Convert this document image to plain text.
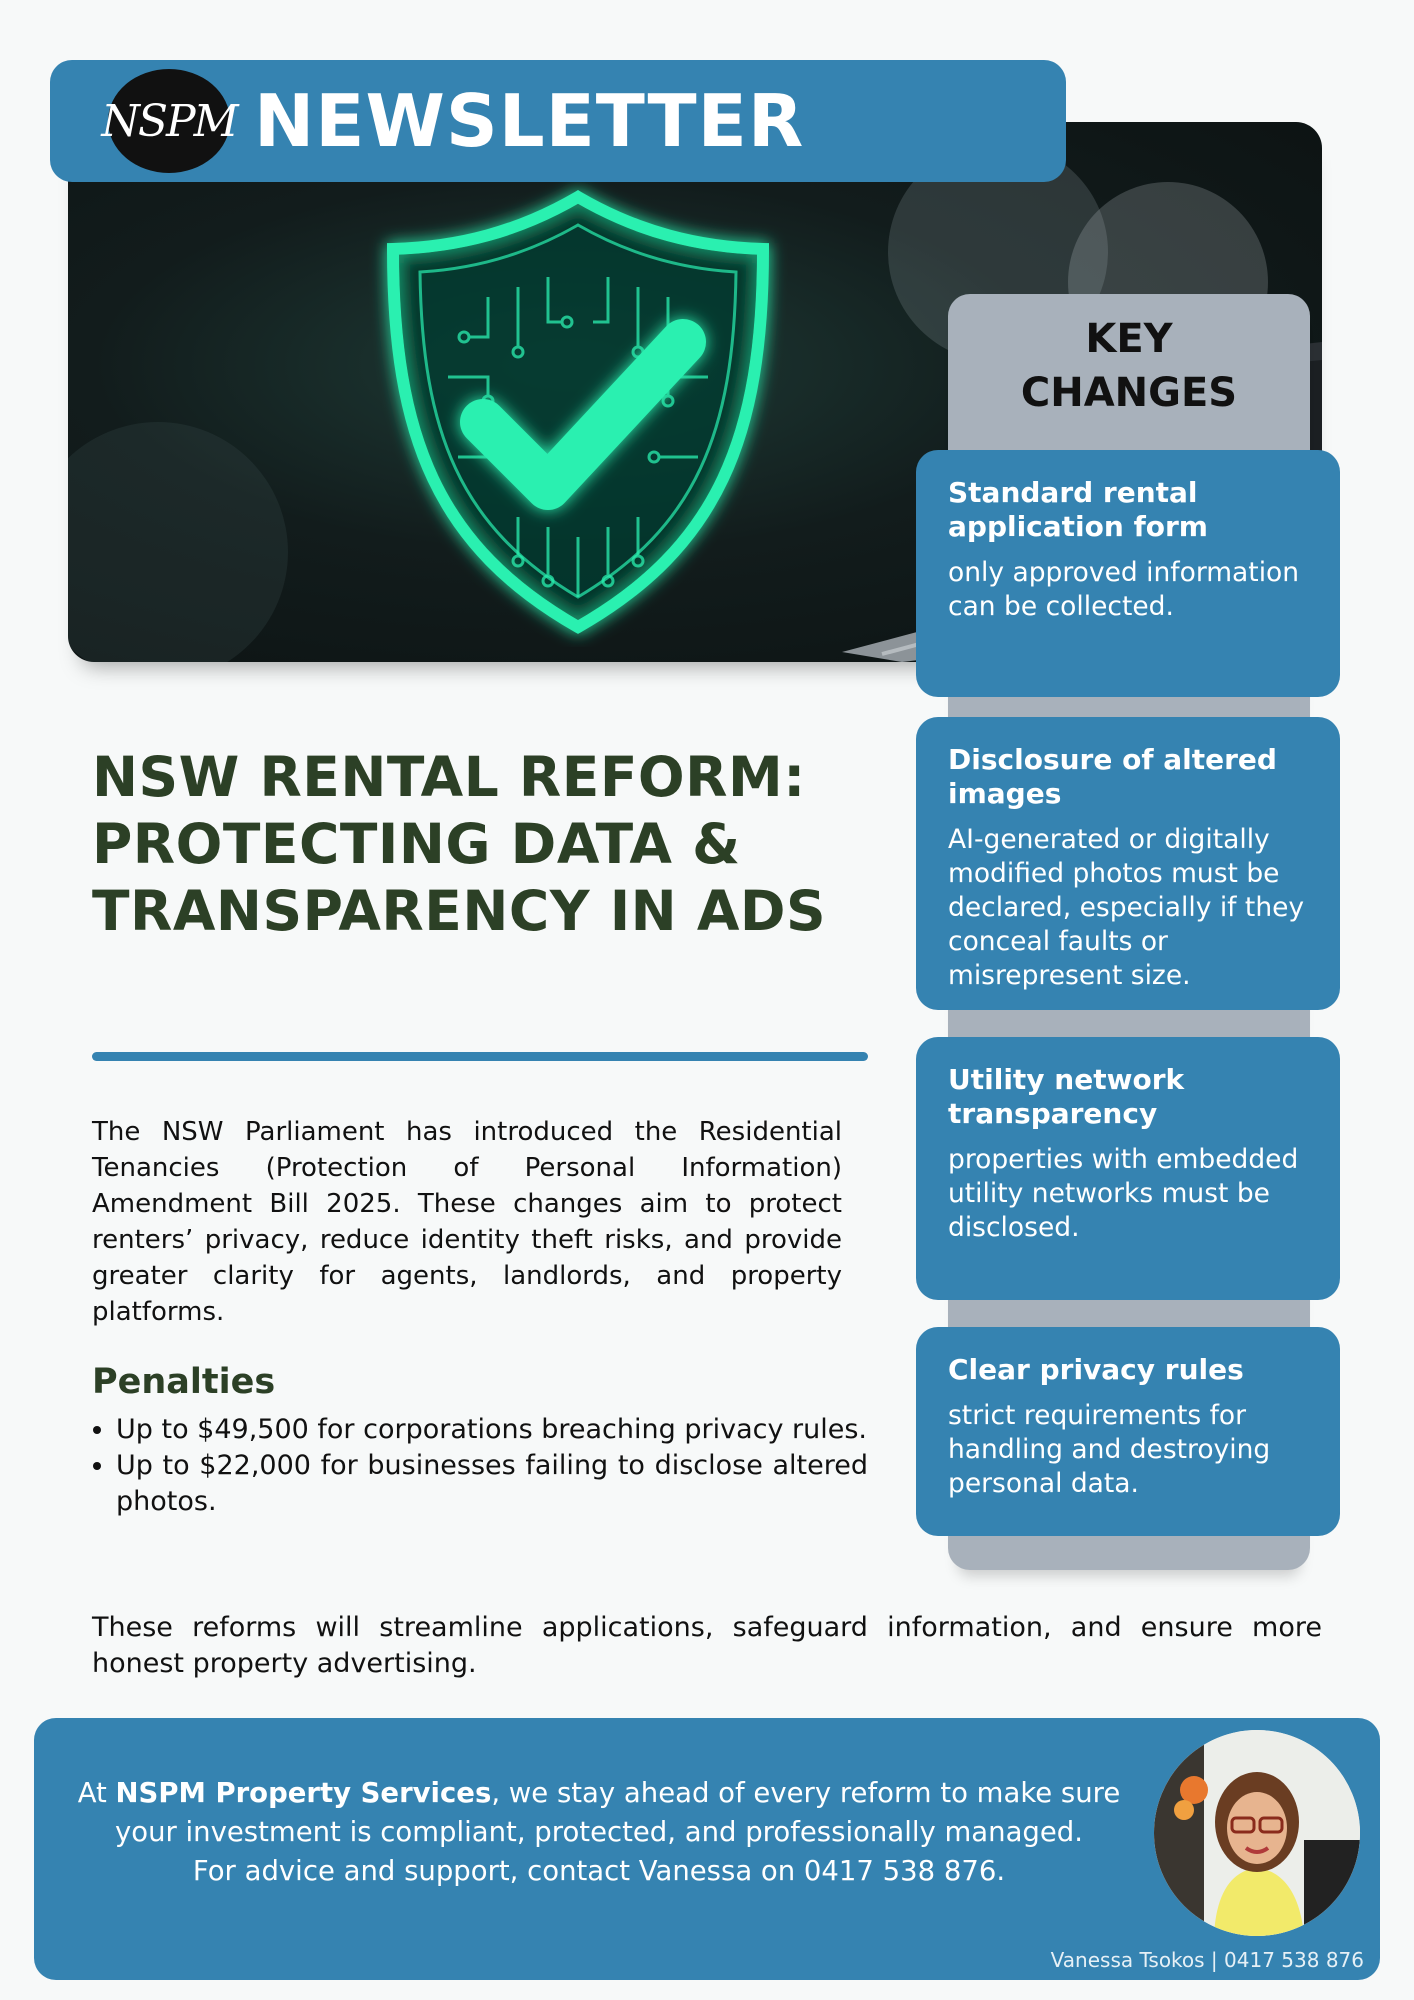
NSPM NEWSLETTER
KEY
CHANGES
Standard rental application form
only approved information can be collected.
Disclosure of altered images
AI-generated or digitally modified photos must be declared, especially if they conceal faults or misrepresent size.
Utility network transparency
properties with embedded utility networks must be disclosed.
Clear privacy rules
strict requirements for handling and destroying personal data.
NSW RENTAL REFORM: PROTECTING DATA & TRANSPARENCY IN ADS
The NSW Parliament has introduced the Residential Tenancies (Protection of Personal Information) Amendment Bill 2025. These changes aim to protect renters’ privacy, reduce identity theft risks, and provide greater clarity for agents, landlords, and property platforms.
Penalties
• Up to $49,500 for corporations breaching privacy rules.
• Up to $22,000 for businesses failing to disclose altered photos.
These reforms will streamline applications, safeguard information, and ensure more honest property advertising.
At NSPM Property Services, we stay ahead of every reform to make sure your investment is compliant, protected, and professionally managed.
For advice and support, contact Vanessa on 0417 538 876.
Vanessa Tsokos | 0417 538 876
